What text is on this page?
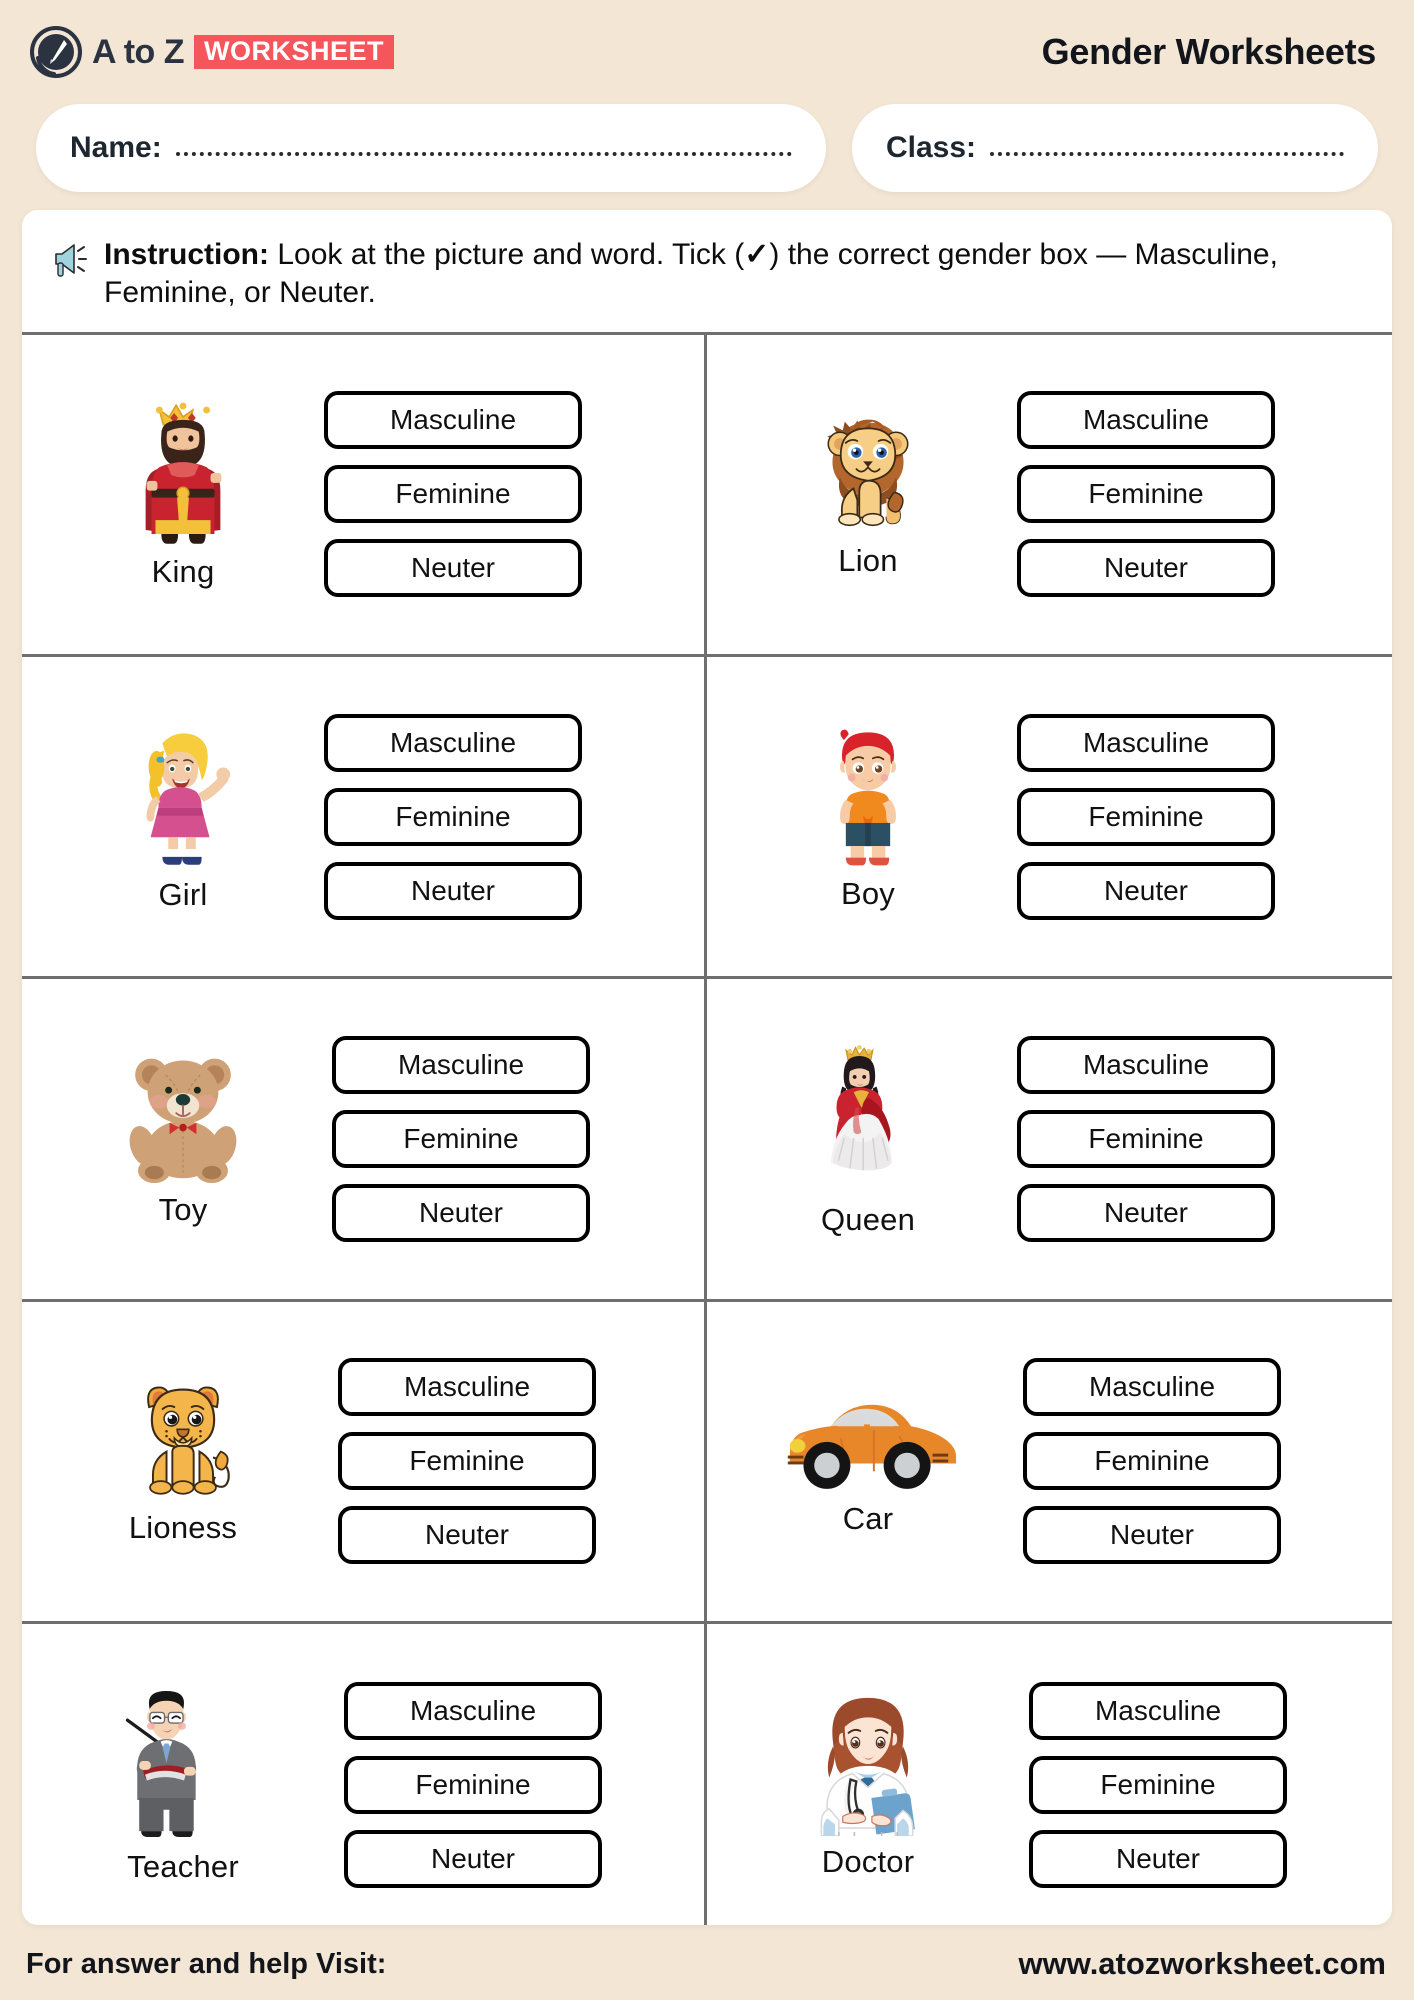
A to Z WORKSHEET	Gender Worksheets
Name:	Class:
Instruction: Look at the picture and word. Tick (✓) the correct gender box — Masculine, Feminine, or Neuter.
King
Masculine
Feminine
Neuter	Lion
Masculine
Feminine
Neuter
Girl
Masculine
Feminine
Neuter	Boy
Masculine
Feminine
Neuter
Toy
Masculine
Feminine
Neuter	Queen
Masculine
Feminine
Neuter
Lioness
Masculine
Feminine
Neuter	Car
Masculine
Feminine
Neuter
Teacher
Masculine
Feminine
Neuter	Doctor
Masculine
Feminine
Neuter
For answer and help Visit:	www.atozworksheet.com
